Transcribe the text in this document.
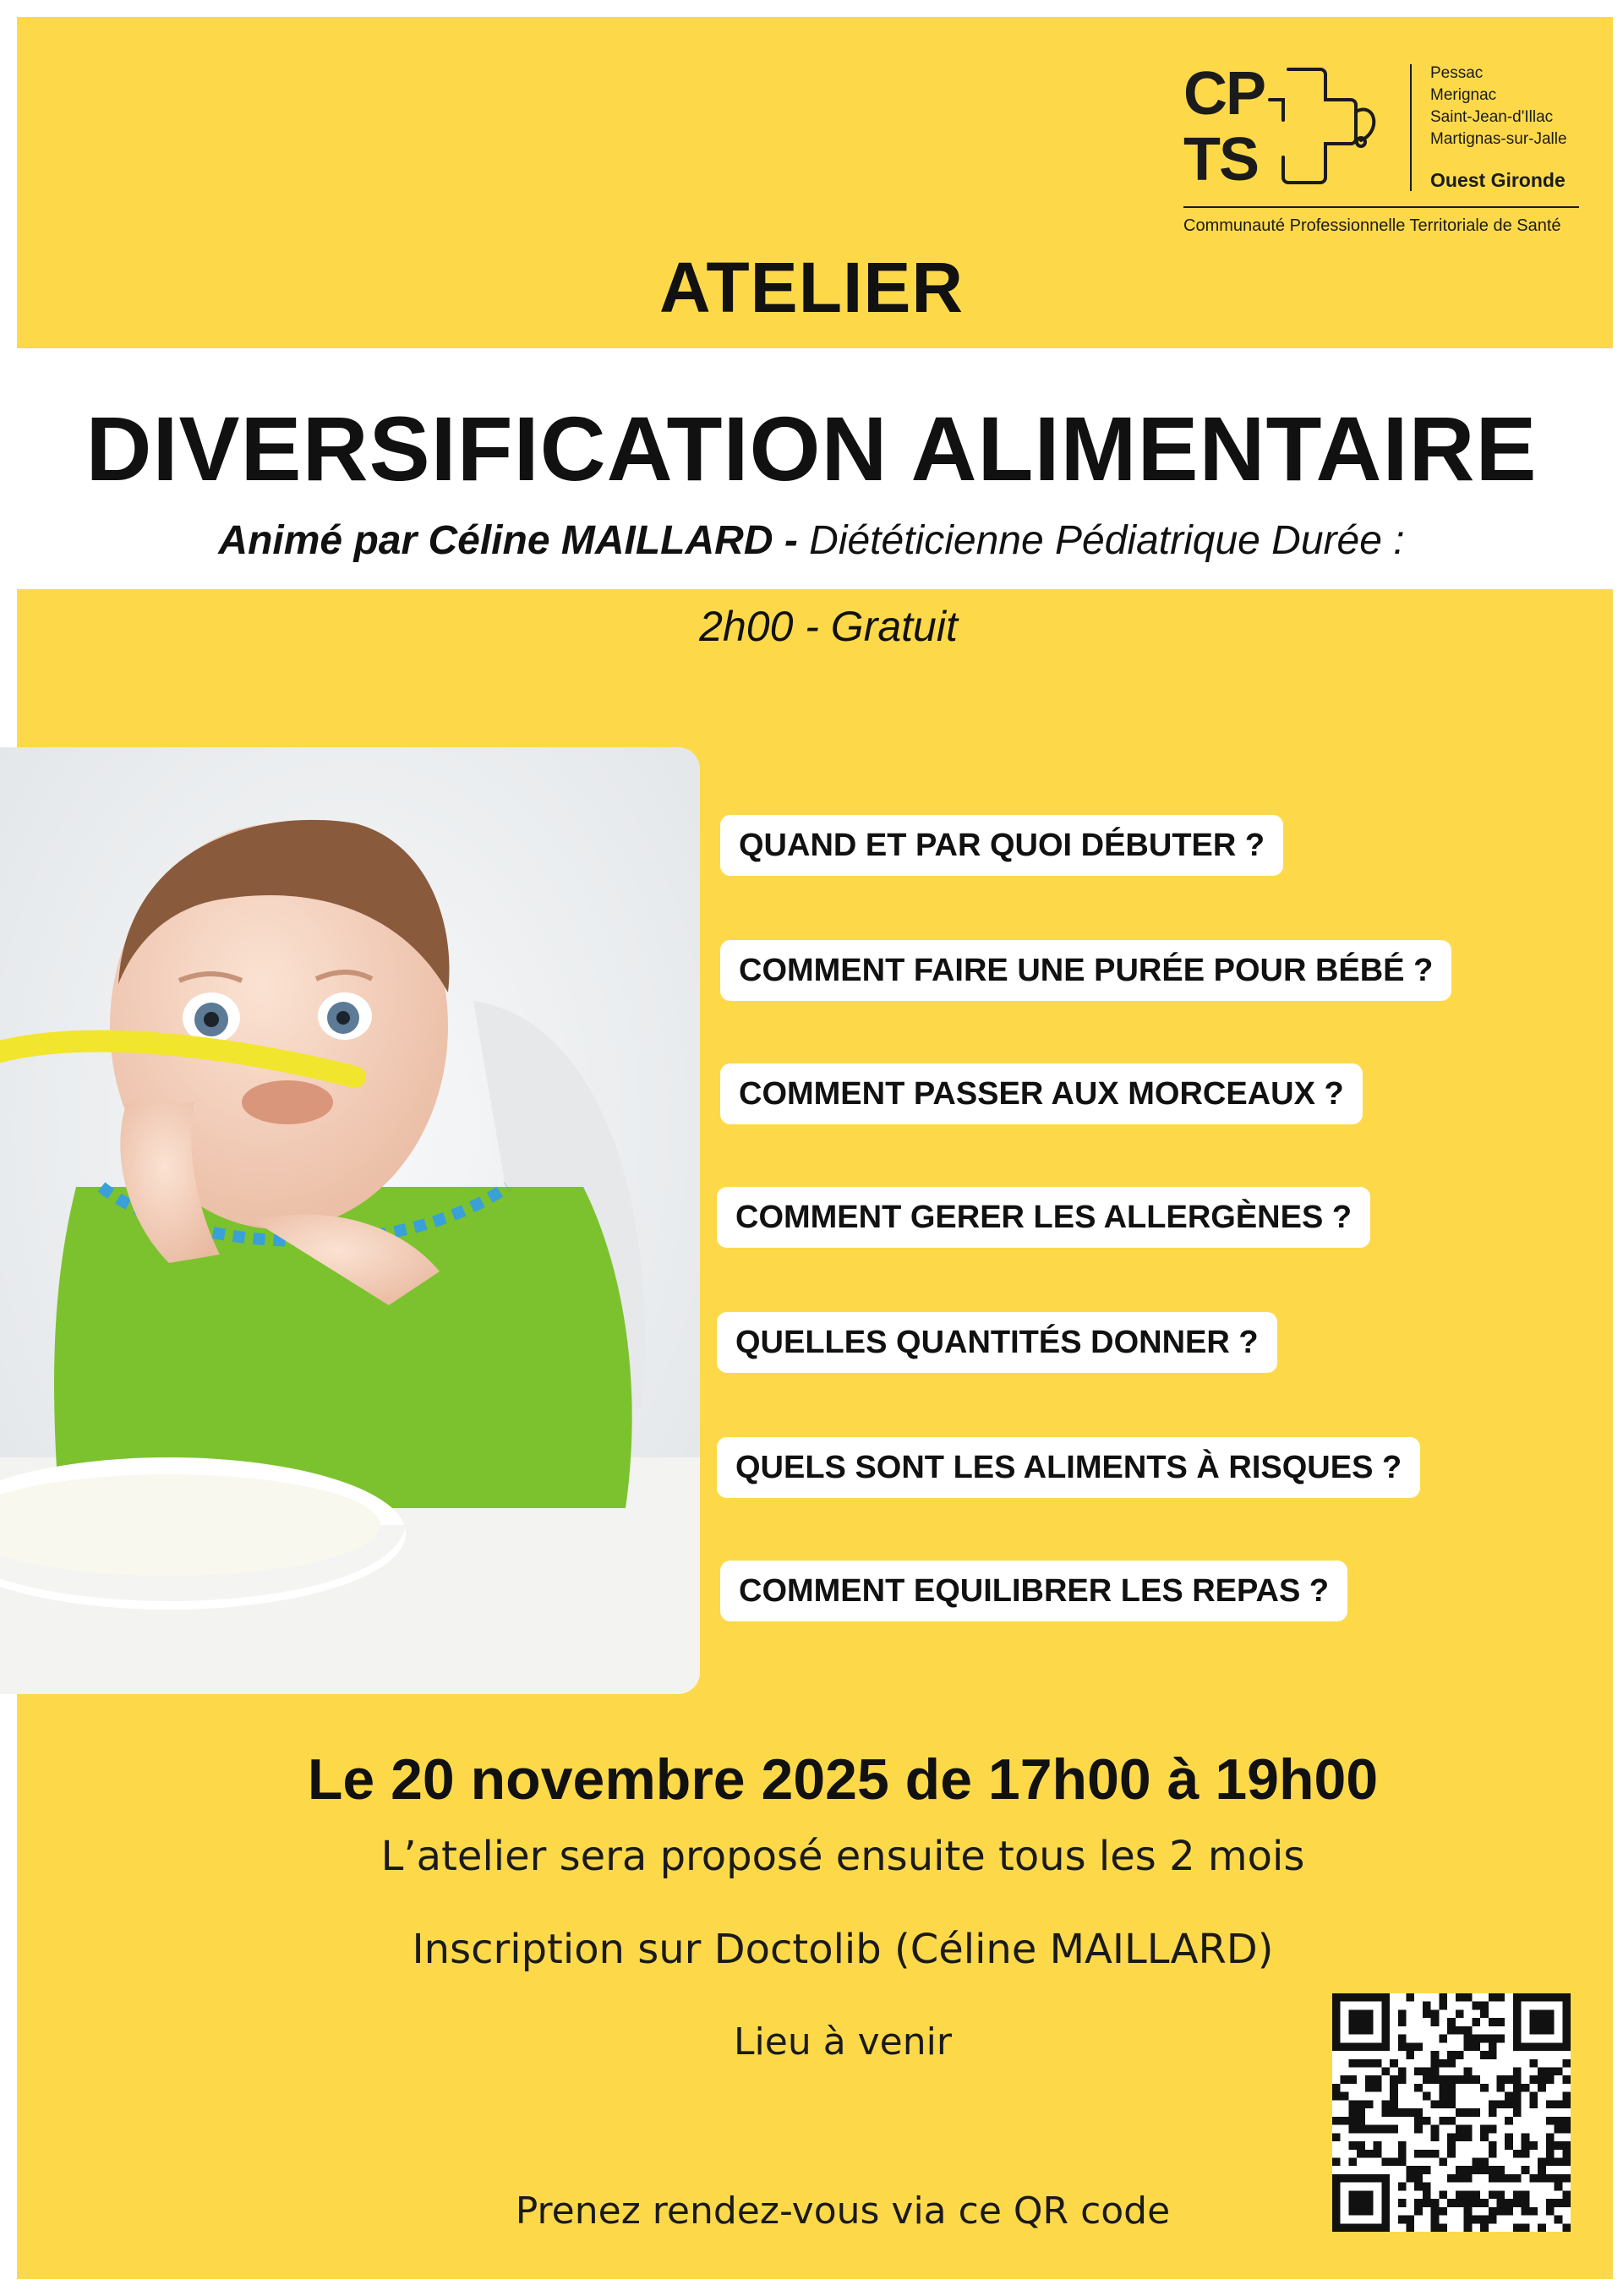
CP
TS
Pessac
Merignac
Saint-Jean-d'Illac
Martignas-sur-Jalle
Ouest Gironde
Communauté Professionnelle Territoriale de Santé
ATELIER
DIVERSIFICATION ALIMENTAIRE
Animé par Céline MAILLARD - Diététicienne Pédiatrique Durée :
2h00 - Gratuit
QUAND ET PAR QUOI DÉBUTER ?
COMMENT FAIRE UNE PURÉE POUR BÉBÉ ?
COMMENT PASSER AUX MORCEAUX ?
COMMENT GERER LES ALLERGÈNES ?
QUELLES QUANTITÉS DONNER ?
QUELS SONT LES ALIMENTS À RISQUES ?
COMMENT EQUILIBRER LES REPAS ?
Le 20 novembre 2025 de 17h00 à 19h00
L’atelier sera proposé ensuite tous les 2 mois
Inscription sur Doctolib (Céline MAILLARD)
Lieu à venir
Prenez rendez-vous via ce QR code
